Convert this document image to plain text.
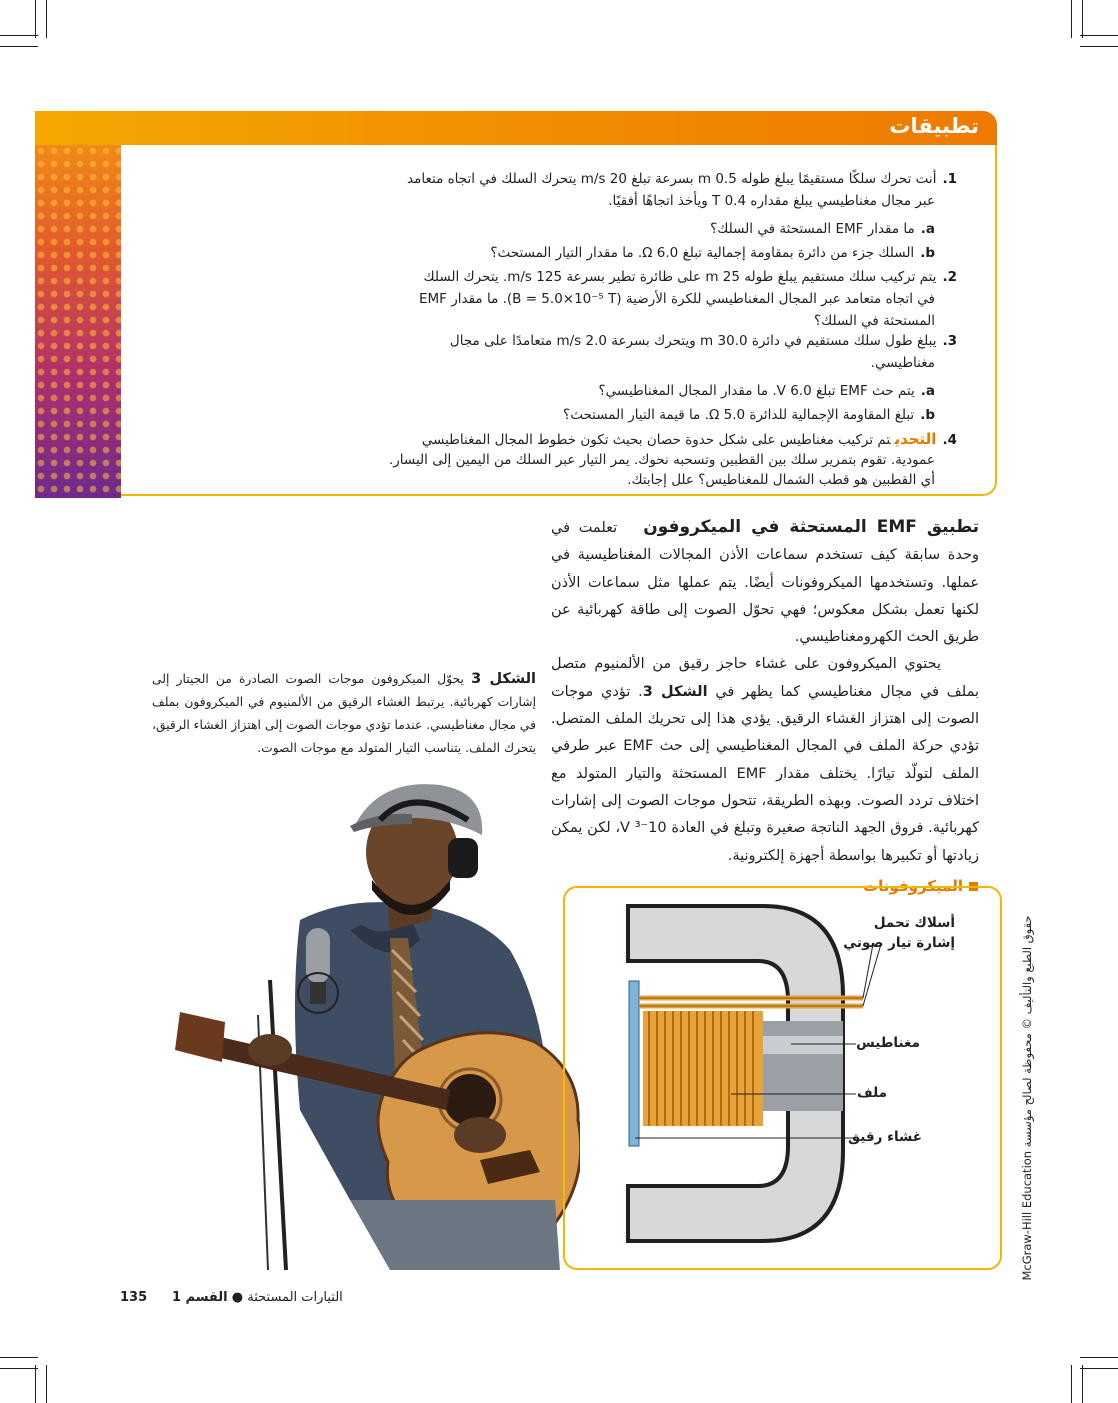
تطبيقات
1.أنت تحرك سلكًا مستقيمًا يبلغ طوله 0.5 m بسرعة تبلغ 20 m/s يتحرك السلك في اتجاه متعامد
عبر مجال مغناطيسي يبلغ مقداره 0.4 T ويأخذ اتجاهًا أفقيًا.
a.ما مقدار EMF المستحثة في السلك؟
b.السلك جزء من دائرة بمقاومة إجمالية تبلغ 6.0 Ω. ما مقدار التيار المستحث؟
2.يتم تركيب سلك مستقيم يبلغ طوله 25 m على طائرة تطير بسرعة 125 m/s. يتحرك السلك
في اتجاه متعامد عبر المجال المغناطيسي للكرة الأرضية (B = 5.0×10⁻⁵ T). ما مقدار EMF
المستحثة في السلك؟
3.يبلغ طول سلك مستقيم في دائرة 30.0 m ويتحرك بسرعة 2.0 m/s متعامدًا على مجال
مغناطيسي.
a.يتم حث EMF تبلغ 6.0 V. ما مقدار المجال المغناطيسي؟
b.تبلغ المقاومة الإجمالية للدائرة 5.0 Ω. ما قيمة التيار المستحث؟
4.التحديتم تركيب مغناطيس على شكل حدوة حصان بحيث تكون خطوط المجال المغناطيسي
عمودية. تقوم بتمرير سلك بين القطبين وتسحبه نحوك. يمر التيار عبر السلك من اليمين إلى اليسار.
أي القطبين هو قطب الشمال للمغناطيس؟ علل إجابتك.

تطبيق EMF المستحثة في الميكروفون   تعلمت في وحدة سابقة كيف تستخدم سماعات الأذن المجالات المغناطيسية في عملها. وتستخدمها الميكروفونات أيضًا. يتم عملها مثل سماعات الأذن لكنها تعمل بشكل معكوس؛ فهي تحوّل الصوت إلى طاقة كهربائية عن طريق الحث الكهرومغناطيسي.

يحتوي الميكروفون على غشاء حاجز رقيق من الألمنيوم متصل بملف في مجال مغناطيسي كما يظهر في الشكل 3. تؤدي موجات الصوت إلى اهتزاز الغشاء الرقيق. يؤدي هذا إلى تحريك الملف المتصل. تؤدي حركة الملف في المجال المغناطيسي إلى حث EMF عبر طرفي الملف لتولّد تيارًا. يختلف مقدار EMF المستحثة والتيار المتولد مع اختلاف تردد الصوت. وبهذه الطريقة، تتحول موجات الصوت إلى إشارات كهربائية. فروق الجهد الناتجة صغيرة وتبلغ في العادة 10⁻³ V، لكن يمكن زيادتها أو تكبيرها بواسطة أجهزة إلكترونية.

الشكل 3 يحوّل الميكروفون موجات الصوت الصادرة من الجيتار إلى إشارات كهربائية. يرتبط الغشاء الرقيق من الألمنيوم في الميكروفون بملف في مجال مغناطيسي. عندما تؤدي موجات الصوت إلى اهتزاز الغشاء الرقيق، يتحرك الملف. يتناسب التيار المتولد مع موجات الصوت.
الميكروفونات
أسلاك تحمل
إشارة تيار صوتي
مغناطيس
ملف
غشاء رقيق
McGraw-Hill Education حقوق الطبع والتأليف © محفوظة لصالح مؤسسة
135	التيارات المستحثة ● القسم 1
